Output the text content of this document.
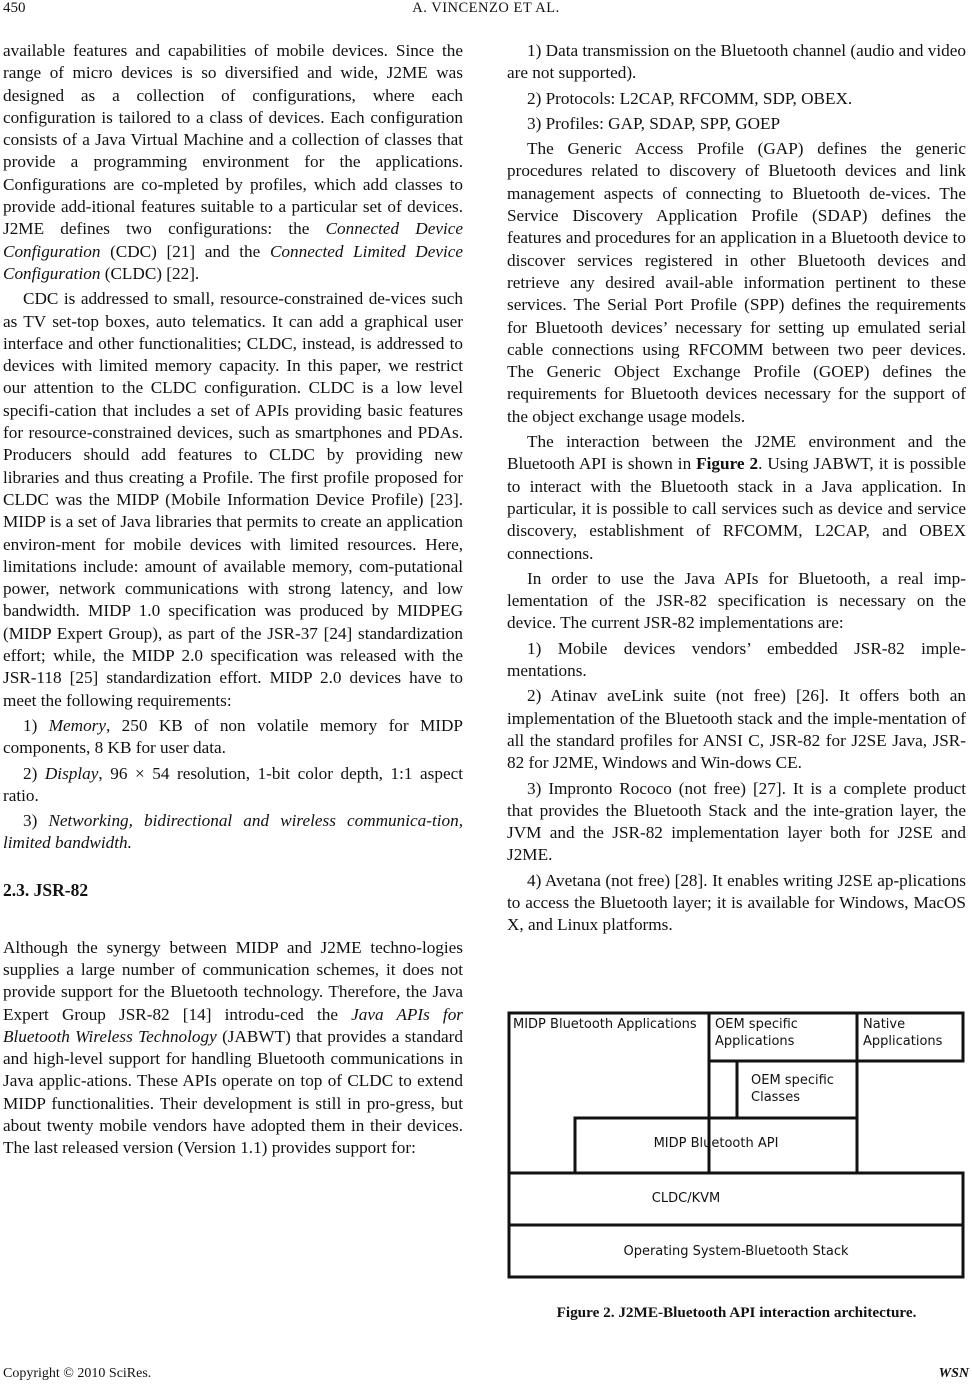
450	A. VINCENZO ET AL.

available features and capabilities of mobile devices. Since the range of micro devices is so diversified and wide, J2ME was designed as a collection of configurations, where each configuration is tailored to a class of devices. Each configuration consists of a Java Virtual Machine and a collection of classes that provide a programming environment for the applications. Configurations are co-mpleted by profiles, which add classes to provide add-itional features suitable to a particular set of devices. J2ME defines two configurations: the Connected Device Configuration (CDC) [21] and the Connected Limited Device Configuration (CLDC) [22].

CDC is addressed to small, resource-constrained de-vices such as TV set-top boxes, auto telematics. It can add a graphical user interface and other functionalities; CLDC, instead, is addressed to devices with limited memory capacity. In this paper, we restrict our attention to the CLDC configuration. CLDC is a low level specifi-cation that includes a set of APIs providing basic features for resource-constrained devices, such as smartphones and PDAs. Producers should add features to CLDC by providing new libraries and thus creating a Profile. The first profile proposed for CLDC was the MIDP (Mobile Information Device Profile) [23]. MIDP is a set of Java libraries that permits to create an application environ-ment for mobile devices with limited resources. Here, limitations include: amount of available memory, com-putational power, network communications with strong latency, and low bandwidth. MIDP 1.0 specification was produced by MIDPEG (MIDP Expert Group), as part of the JSR-37 [24] standardization effort; while, the MIDP 2.0 specification was released with the JSR-118 [25] standardization effort. MIDP 2.0 devices have to meet the following requirements:

1) Memory, 250 KB of non volatile memory for MIDP components, 8 KB for user data.

2) Display, 96 × 54 resolution, 1-bit color depth, 1:1 aspect ratio.

3) Networking, bidirectional and wireless communica-tion, limited bandwidth.

2.3. JSR-82

Although the synergy between MIDP and J2ME techno-logies supplies a large number of communication schemes, it does not provide support for the Bluetooth technology. Therefore, the Java Expert Group JSR-82 [14] introdu-ced the Java APIs for Bluetooth Wireless Technology (JABWT) that provides a standard and high-level support for handling Bluetooth communications in Java applic-ations. These APIs operate on top of CLDC to extend MIDP functionalities. Their development is still in pro-gress, but about twenty mobile vendors have adopted them in their devices. The last released version (Version 1.1) provides support for:

1) Data transmission on the Bluetooth channel (audio and video are not supported).

2) Protocols: L2CAP, RFCOMM, SDP, OBEX.

3) Profiles: GAP, SDAP, SPP, GOEP

The Generic Access Profile (GAP) defines the generic procedures related to discovery of Bluetooth devices and link management aspects of connecting to Bluetooth de-vices. The Service Discovery Application Profile (SDAP) defines the features and procedures for an application in a Bluetooth device to discover services registered in other Bluetooth devices and retrieve any desired avail-able information pertinent to these services. The Serial Port Profile (SPP) defines the requirements for Bluetooth devices’ necessary for setting up emulated serial cable connections using RFCOMM between two peer devices. The Generic Object Exchange Profile (GOEP) defines the requirements for Bluetooth devices necessary for the support of the object exchange usage models.

The interaction between the J2ME environment and the Bluetooth API is shown in Figure 2. Using JABWT, it is possible to interact with the Bluetooth stack in a Java application. In particular, it is possible to call services such as device and service discovery, establishment of RFCOMM, L2CAP, and OBEX connections.

In order to use the Java APIs for Bluetooth, a real imp-lementation of the JSR-82 specification is necessary on the device. The current JSR-82 implementations are:

1) Mobile devices vendors’ embedded JSR-82 imple-mentations.

2) Atinav aveLink suite (not free) [26]. It offers both an implementation of the Bluetooth stack and the imple-mentation of all the standard profiles for ANSI C, JSR-82 for J2SE Java, JSR-82 for J2ME, Windows and Win-dows CE.

3) Impronto Rococo (not free) [27]. It is a complete product that provides the Bluetooth Stack and the inte-gration layer, the JVM and the JSR-82 implementation layer both for J2SE and J2ME.

4) Avetana (not free) [28]. It enables writing J2SE ap-plications to access the Bluetooth layer; it is available for Windows, MacOS X, and Linux platforms.

MIDP Bluetooth Applications OEM specific
Applications
Native
Applications
OEM specific
Classes
MIDP Bluetooth API
CLDC/KVM
Operating System-Bluetooth Stack
Figure 2. J2ME-Bluetooth API interaction architecture.
Copyright © 2010 SciRes.	WSN
